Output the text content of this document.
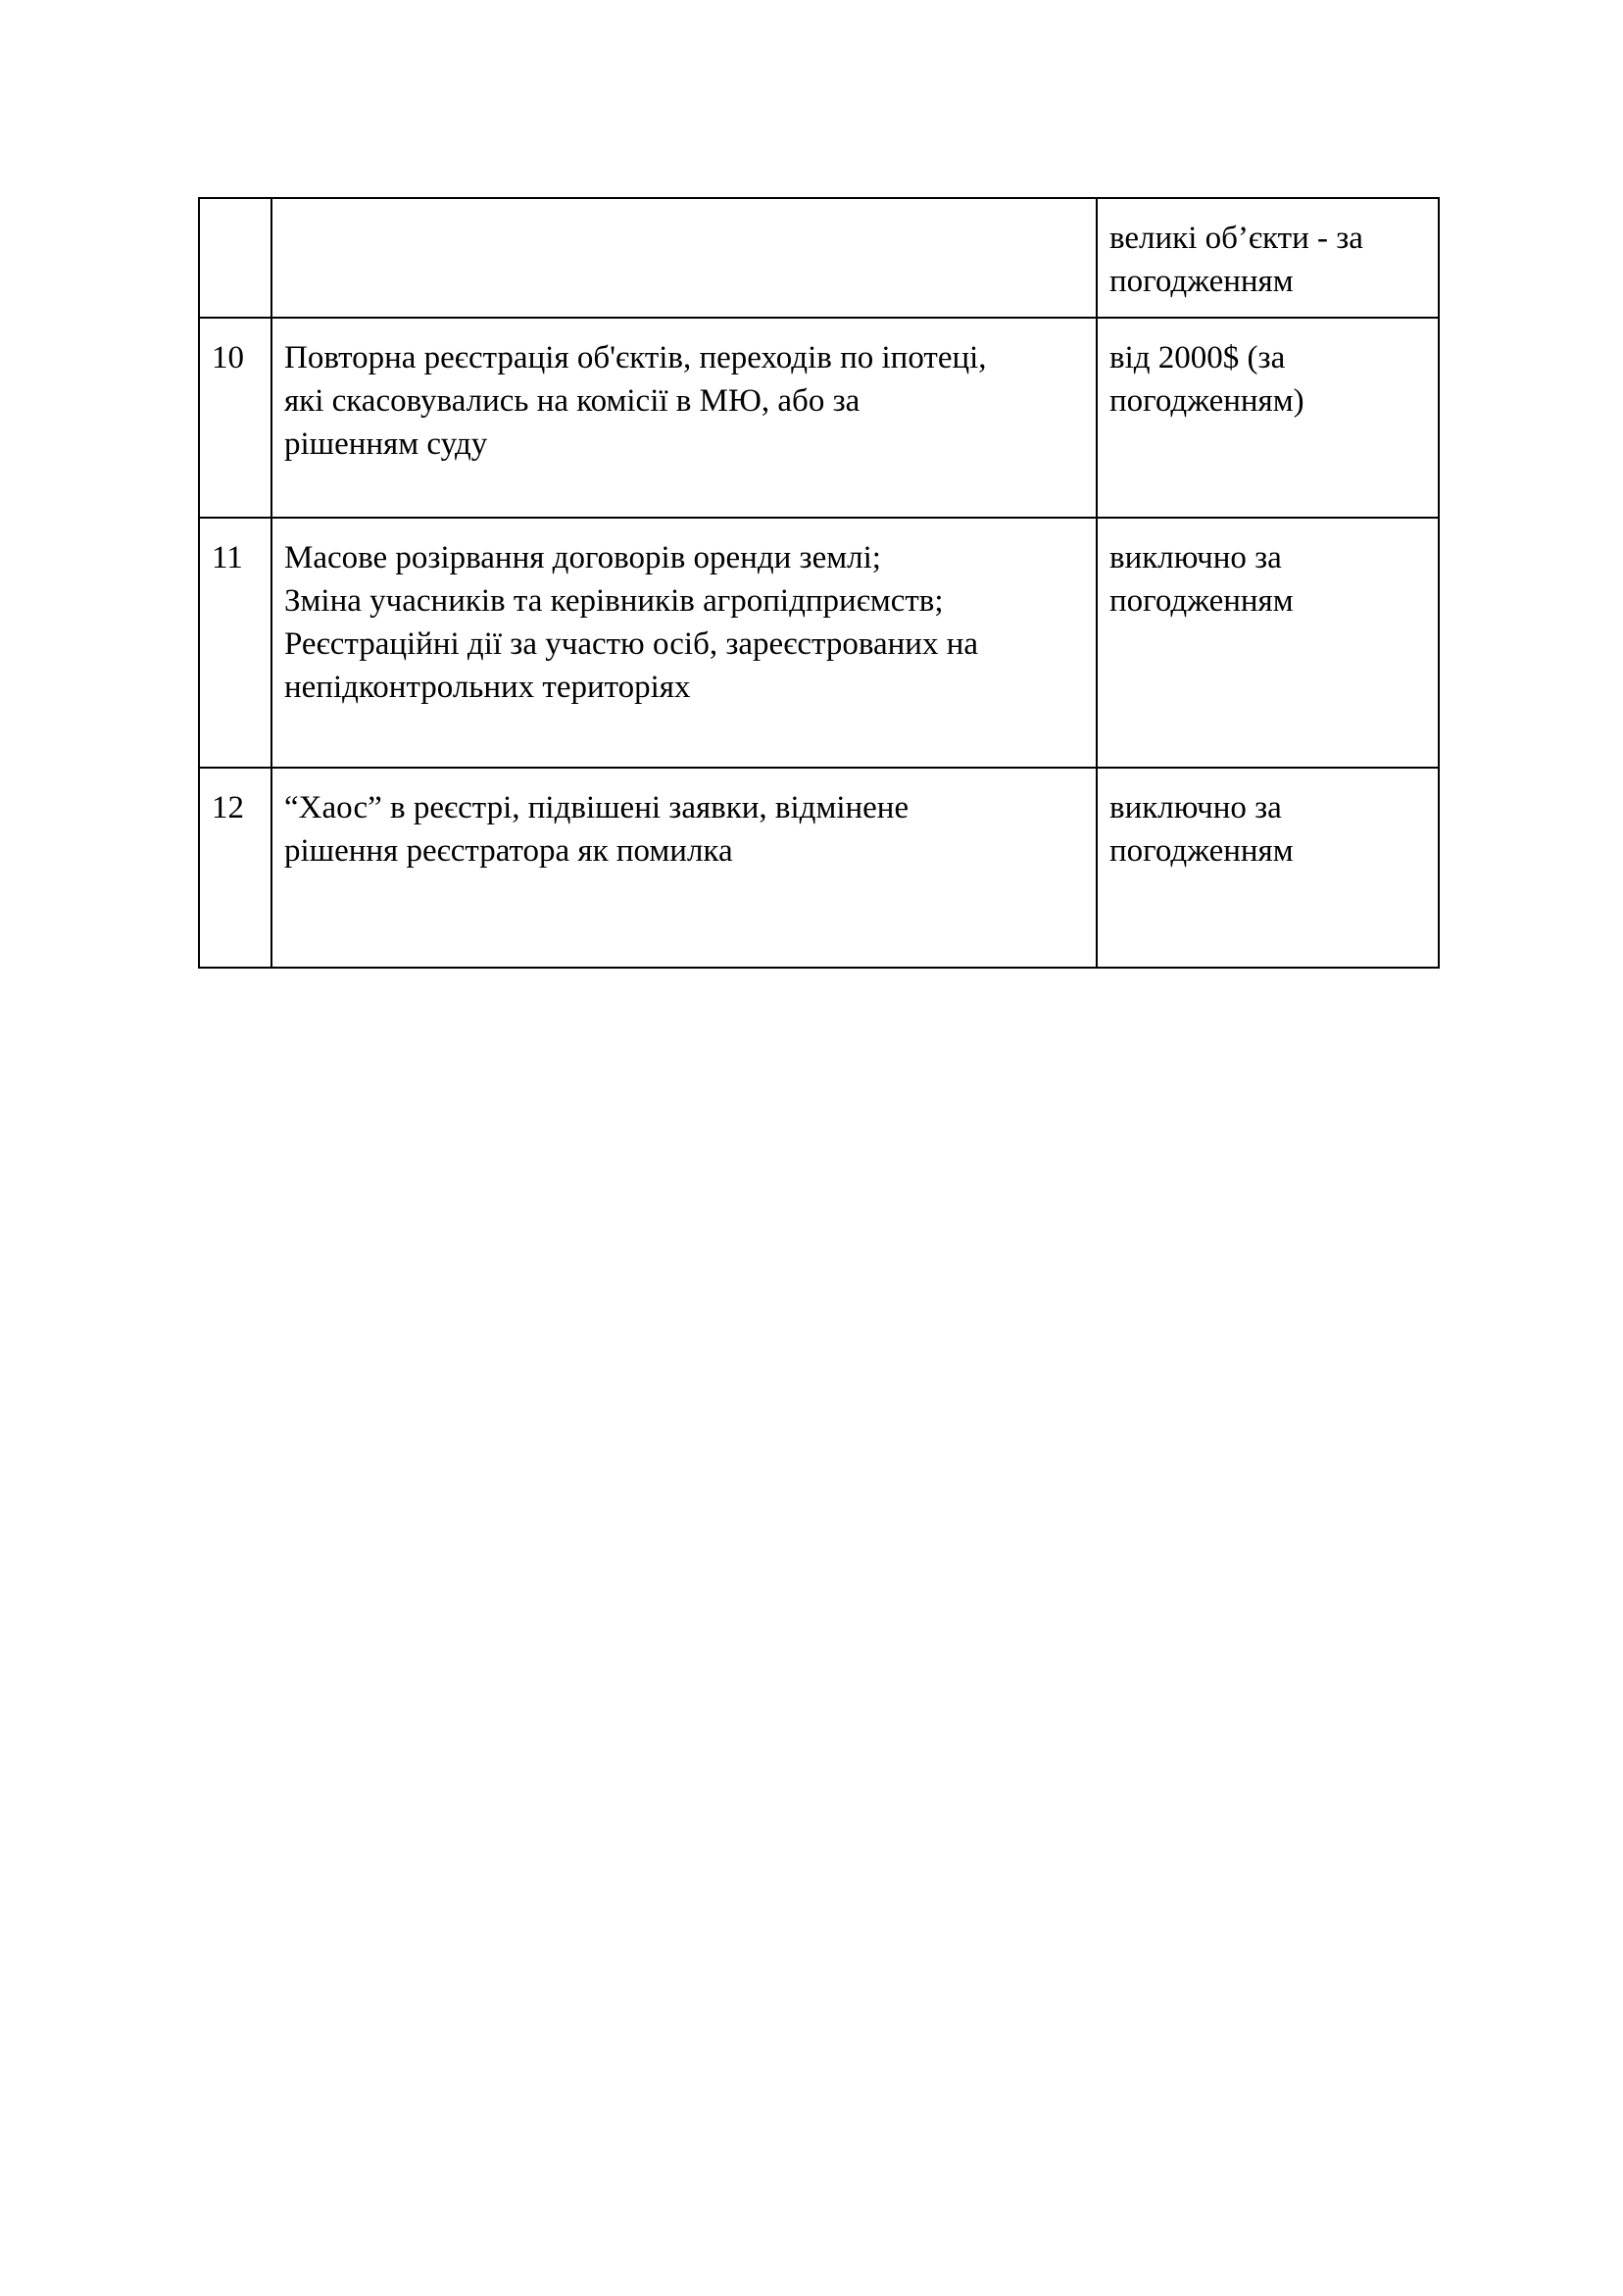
		великі об’єкти - за
погодженням

10	Повторна реєстрація об'єктів, переходів по іпотеці,
які скасовувались на комісії в МЮ, або за
рішенням суду	від 2000$ (за
погодженням)

11	Масове розірвання договорів оренди землі;
Зміна учасників та керівників агропідприємств;
Реєстраційні дії за участю осіб, зареєстрованих на
непідконтрольних територіях	виключно за
погодженням

12	“Хаос” в реєстрі, підвішені заявки, відмінене
рішення реєстратора як помилка	виключно за
погодженням
